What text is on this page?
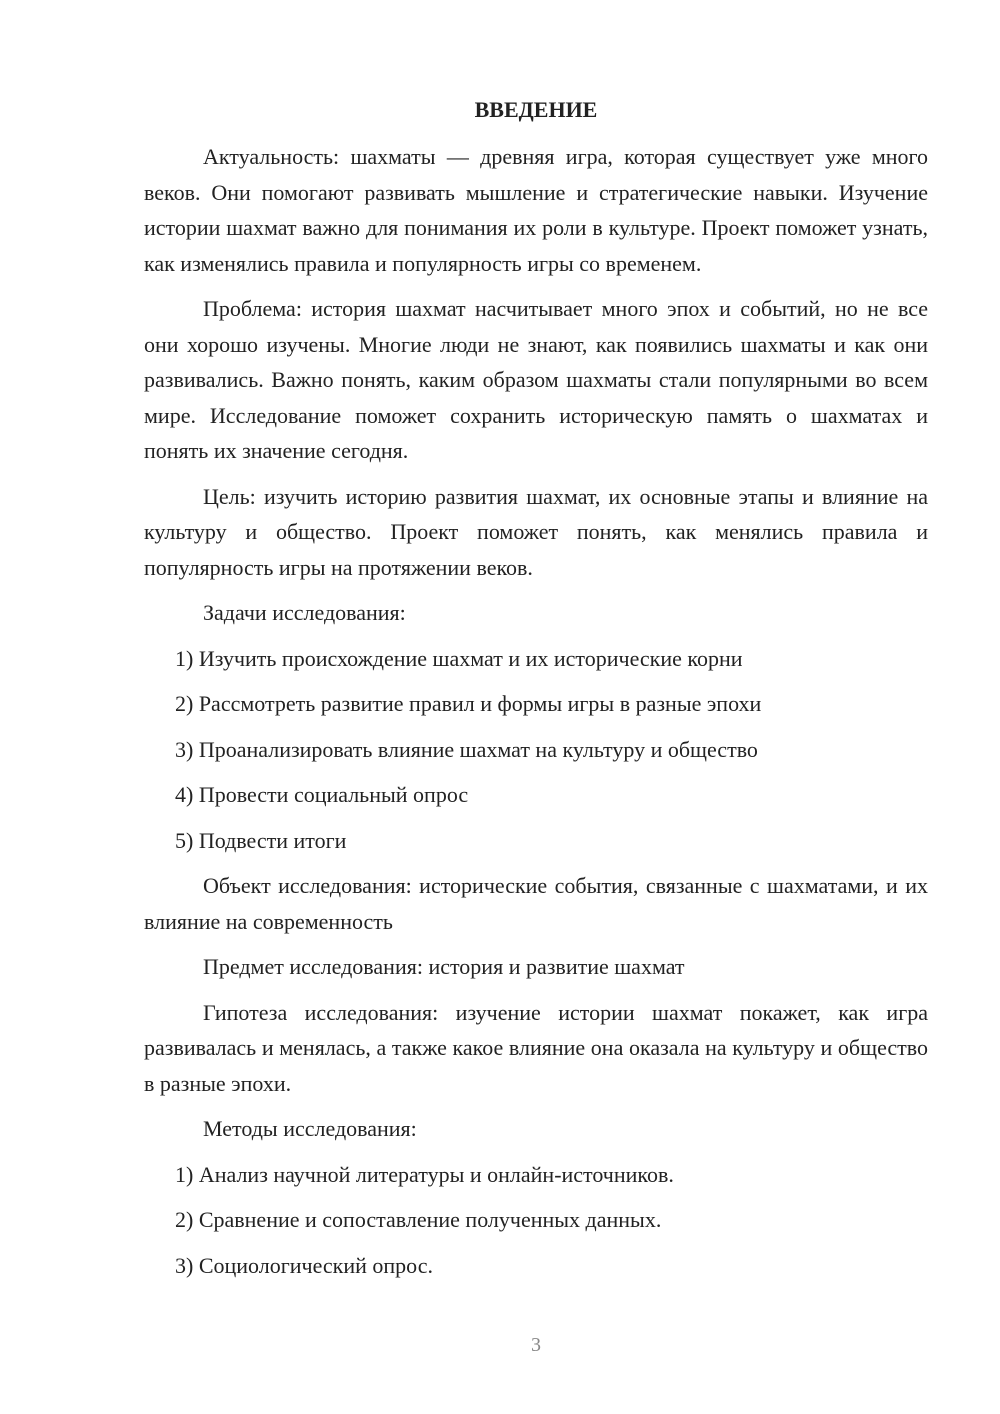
ВВЕДЕНИЕ

Актуальность: шахматы — древняя игра, которая существует уже много веков. Они помогают развивать мышление и стратегические навыки. Изучение истории шахмат важно для понимания их роли в культуре. Проект поможет узнать, как изменялись правила и популярность игры со временем.

Проблема: история шахмат насчитывает много эпох и событий, но не все они хорошо изучены. Многие люди не знают, как появились шахматы и как они развивались. Важно понять, каким образом шахматы стали популярными во всем мире. Исследование поможет сохранить историческую память о шахматах и понять их значение сегодня.

Цель: изучить историю развития шахмат, их основные этапы и влияние на культуру и общество. Проект поможет понять, как менялись правила и популярность игры на протяжении веков.

Задачи исследования:

1) Изучить происхождение шахмат и их исторические корни

2) Рассмотреть развитие правил и формы игры в разные эпохи

3) Проанализировать влияние шахмат на культуру и общество

4) Провести социальный опрос

5) Подвести итоги

Объект исследования: исторические события, связанные с шахматами, и их влияние на современность

Предмет исследования: история и развитие шахмат

Гипотеза исследования: изучение истории шахмат покажет, как игра развивалась и менялась, а также какое влияние она оказала на культуру и общество в разные эпохи.

Методы исследования:

1) Анализ научной литературы и онлайн-источников.

2) Сравнение и сопоставление полученных данных.

3) Социологический опрос.

3
